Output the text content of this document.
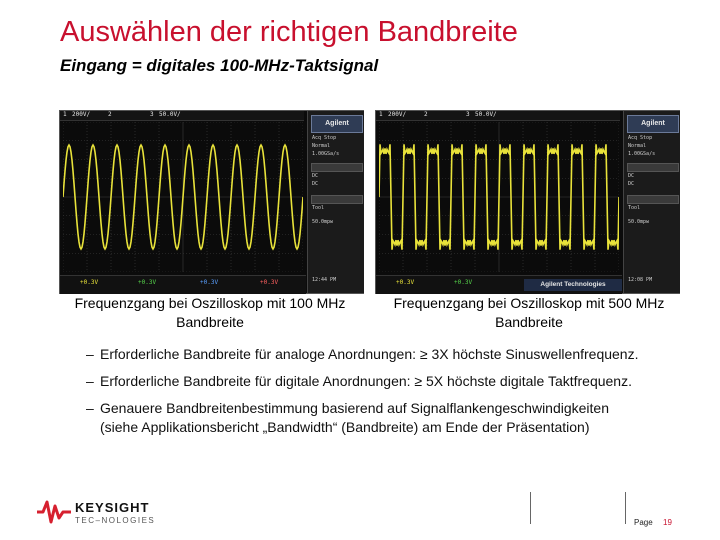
Auswählen der richtigen Bandbreite
Eingang = digitales 100-MHz-Taktsignal
1 200V/	2	3 50.0V/
Agilent
Acq Stop
Normal
1.00GSa/s
DC
DC
Tool
50.0mpw
12:44 PM
+0.3V	+0.3V	+0.3V	+0.3V
1 200V/	2	3 50.0V/
Agilent
Acq Stop
Normal
1.00GSa/s
DC
DC
Tool
50.0mpw
12:08 PM
+0.3V	+0.3V	Agilent Technologies
Frequenzgang bei Oszilloskop mit 100 MHz Bandbreite
Frequenzgang bei Oszilloskop mit 500 MHz Bandbreite
– Erforderliche Bandbreite für analoge Anordnungen: ≥ 3X höchste Sinuswellenfrequenz.
– Erforderliche Bandbreite für digitale Anordnungen: ≥ 5X höchste digitale Taktfrequenz.
– Genauere Bandbreitenbestimmung basierend auf Signalflankengeschwindigkeiten (siehe Applikationsbericht „Bandwidth“ (Bandbreite) am Ende der Präsentation)
KEYSIGHT
TEC–NOLOGIES	Page 19
